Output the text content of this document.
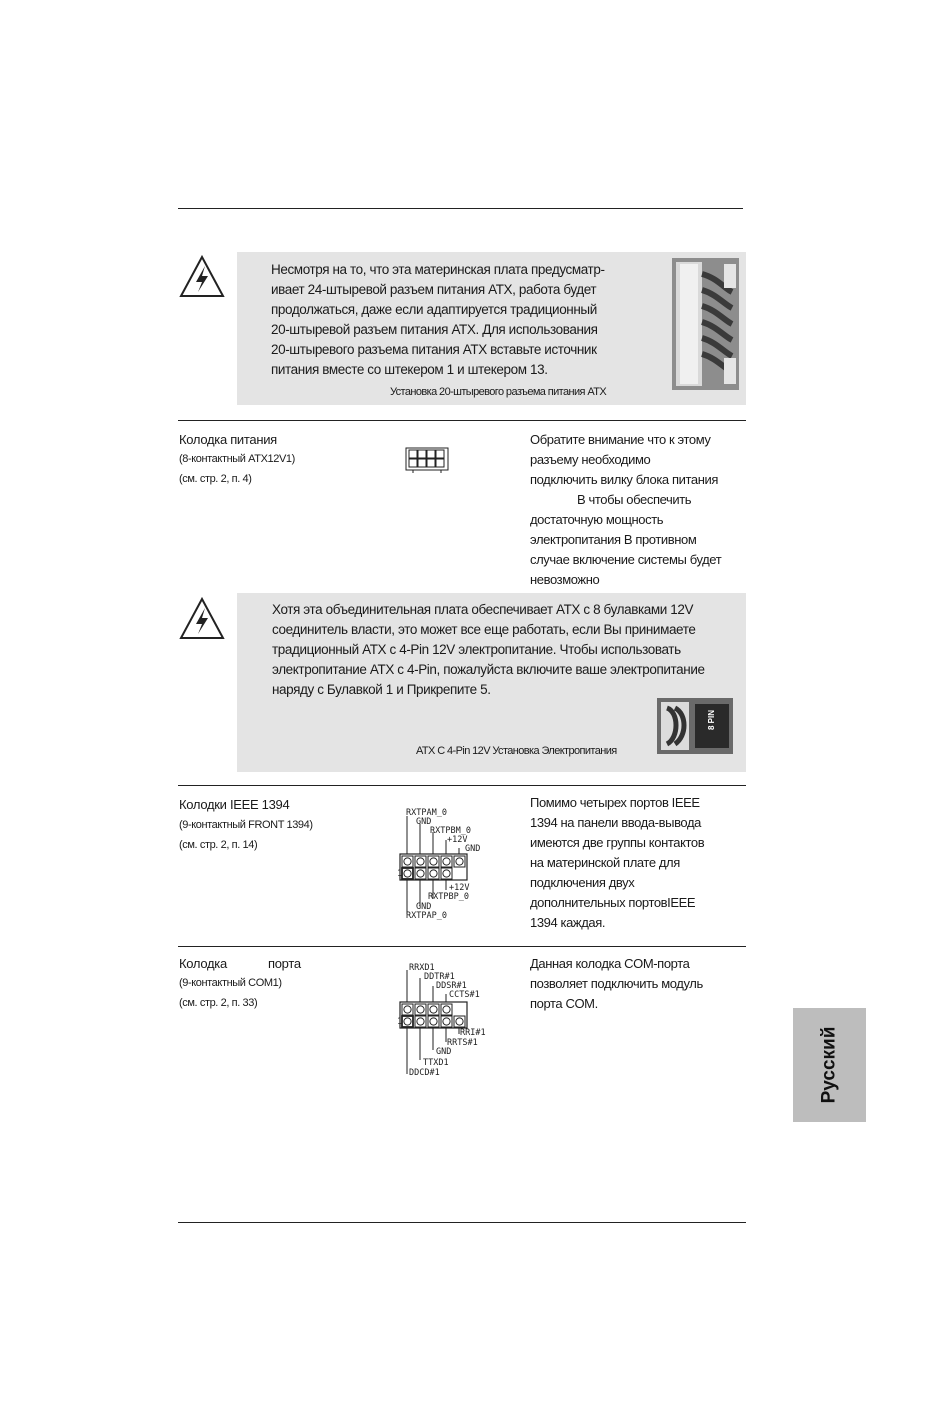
Несмотря на то, что эта материнская плата предусматр-
ивает 24-штыревой разъем питания ATX, работа будет
продолжаться, даже если адаптируется традиционный
20-штыревой разъем питания ATX. Для использования
20-штыревого разъема питания ATX вставьте источник
питания вместе со штекером 1 и штекером 13.
Установка 20-штыревого разъема питания ATX
Колодка питания
(8-контактный ATX12V1)
(см. стр. 2, п. 4)
Обратите внимание что к этому
разъему необходимо
подключить вилку блока питания
В чтобы обеспечить
достаточную мощность
электропитания В противном
случае включение системы будет
невозможно
Хотя эта объединительная плата обеспечивает ATX с 8 булавками 12V
соединитель власти, это может все еще работать, если Вы принимаете
традиционный ATX с 4-Pin 12V электропитание. Чтобы использовать
электропитание ATX с 4-Pin, пожалуйста включите ваше электропитание
наряду с Булавкой 1 и Прикрепите 5.
ATX С 4-Pin 12V Установка Электропитания
8 PIN
Колодки IEEE 1394
(9-контактный FRONT 1394)
(см. стр. 2, п. 14)
RXTPAM_0
GND
RXTPBM_0
+12V
GND
1
+12V
RXTPBP_0
GND
RXTPAP_0
Помимо четырех портов IEEE
1394 на панели ввода-вывода
имеются две группы контактов
на материнской плате для
подключения двух
дополнительных портовIEEE
1394 каждая.
Колодка	порта
(9-контактный COM1)
(см. стр. 2, п. 33)
RRXD1
DDTR#1
DDSR#1
CCTS#1
1
RRI#1
RRTS#1
GND
TTXD1
DDCD#1
Данная колодка COM-порта
позволяет подключить модуль
порта COM.
Русский
